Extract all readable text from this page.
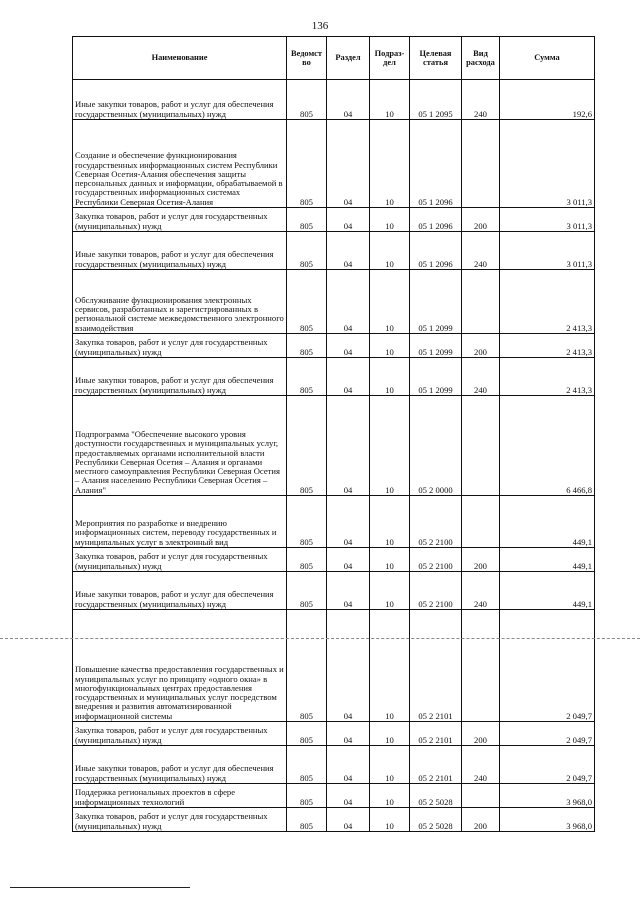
136
Наименование	Ведомст во	Раздел	Подраз- дел	Целевая статья	Вид расхода	Сумма
Иные закупки товаров, работ и услуг для обеспечения государственных (муниципальных) нужд	805	04	10	05 1 2095	240	192,6
Создание и обеспечение функционирования государственных информационных систем Республики Северная Осетия-Алания обеспечения защиты персональных данных и информации, обрабатываемой в государственных информационных системах Республики Северная Осетия-Алания	805	04	10	05 1 2096		3 011,3
Закупка товаров, работ и услуг для государственных (муниципальных) нужд	805	04	10	05 1 2096	200	3 011,3
Иные закупки товаров, работ и услуг для обеспечения государственных (муниципальных) нужд	805	04	10	05 1 2096	240	3 011,3
Обслуживание функционирования электронных сервисов, разработанных и зарегистрированных в региональной системе межведомственного электронного взаимодействия	805	04	10	05 1 2099		2 413,3
Закупка товаров, работ и услуг для государственных (муниципальных) нужд	805	04	10	05 1 2099	200	2 413,3
Иные закупки товаров, работ и услуг для обеспечения государственных (муниципальных) нужд	805	04	10	05 1 2099	240	2 413,3
Подпрограмма "Обеспечение высокого уровня доступности государственных и муниципальных услуг, предоставляемых органами исполнительной власти Республики Северная Осетия – Алания и органами местного самоуправления Республики Северная Осетия – Алания населению Республики Северная Осетия – Алания"	805	04	10	05 2 0000		6 466,8
Мероприятия по разработке и внедрению информационных систем, переводу государственных и муниципальных услуг в электронный вид	805	04	10	05 2 2100		449,1
Закупка товаров, работ и услуг для государственных (муниципальных) нужд	805	04	10	05 2 2100	200	449,1
Иные закупки товаров, работ и услуг для обеспечения государственных (муниципальных) нужд	805	04	10	05 2 2100	240	449,1
Повышение качества предоставления государственных и муниципальных услуг по принципу «одного окна» в многофункциональных центрах предоставления государственных и муниципальных услуг посредством внедрения и развития автоматизированной информационной системы	805	04	10	05 2 2101		2 049,7
Закупка товаров, работ и услуг для государственных (муниципальных) нужд	805	04	10	05 2 2101	200	2 049,7
Иные закупки товаров, работ и услуг для обеспечения государственных (муниципальных) нужд	805	04	10	05 2 2101	240	2 049,7
Поддержка региональных проектов в сфере информационных технологий	805	04	10	05 2 5028		3 968,0
Закупка товаров, работ и услуг для государственных (муниципальных) нужд	805	04	10	05 2 5028	200	3 968,0
